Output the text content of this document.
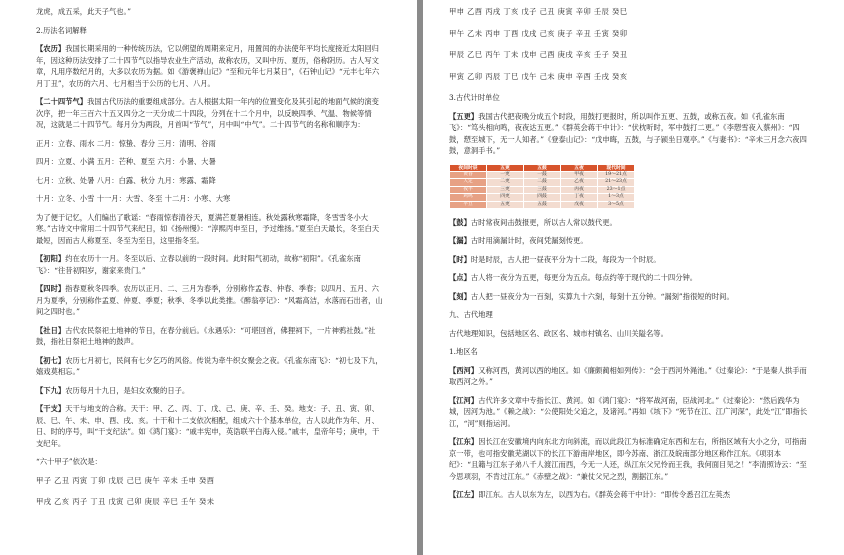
龙虎，成五采，此天子气也。”

2.历法名词解释

【农历】我国长期采用的一种传统历法，它以朔望的周期来定月，用置闰的办法使年平均长度接近太阳回归年，因这种历法安排了二十四节气以指导农业生产活动，故称农历，又叫中历、夏历，俗称阴历。古人写文章，凡用序数纪月的，大多以农历为据。如《游褒禅山记》“至和元年七月某日”，《石钟山记》“元丰七年六月丁丑”，农历的六月、七月相当于公历的七月、八月。

【二十四节气】我国古代历法的重要组成部分。古人根据太阳一年内的位置变化及其引起的地面气候的演变次序，把一年三百六十五又四分之一天分成二十四段，分列在十二个月中，以反映四季、气温、物候等情况，这就是二十四节气。每月分为两段，月首叫“节气”，月中叫“中气”。二十四节气的名称和顺序为：

正月：立春、雨水 二月：惊蛰、春分 三月：清明、谷雨

四月：立夏、小满 五月：芒种、夏至 六月：小暑、大暑

七月：立秋、处暑 八月：白露、秋分 九月：寒露、霜降

十月：立冬、小雪 十一月：大雪、冬至 十二月：小寒、大寒

为了便于记忆，人们编出了歌谣：“春雨惊春清谷天，夏满芒夏暑相连。秋处露秋寒霜降，冬雪雪冬小大寒。”古诗文中常用二十四节气来纪日，如《扬州慢》：“淳熙丙申至日，予过维扬。”夏至白天最长，冬至白天最短，因而古人称夏至、冬至为至日，这里指冬至。

【初阳】约在农历十一月。冬至以后、立春以前的一段时间。此时阳气初动，故称“初阳”。《孔雀东南飞》：“往昔初阳岁，谢家来贵门。”

【四时】指春夏秋冬四季。农历以正月、二、三月为春季，分别称作孟春、仲春、季春；以四月、五月、六月为夏季，分别称作孟夏、仲夏、季夏；秋季、冬季以此类推。《醉翁亭记》：“风霜高洁，水落而石出者，山间之四时也。”

【社日】古代农民祭祀土地神的节日，在春分前后。《永遇乐》：“可堪回首，佛狸祠下，一片神鸦社鼓。”社鼓，指社日祭祀土地神的鼓声。

【初七】农历七月初七，民间有七夕乞巧的风俗。传说为牵牛织女聚会之夜。《孔雀东南飞》：“初七及下九，嬉戏莫相忘。”

【下九】农历每月十九日，是妇女欢聚的日子。

【干支】天干与地支的合称。天干：甲、乙、丙、丁、戊、己、庚、辛、壬、癸。地支：子、丑、寅、卯、辰、巳、午、未、申、酉、戌、亥。十干和十二支依次相配，组成六十个基本单位，古人以此作为年、月、日、时的序号，叫“干支纪法”。如《鸿门宴》：“戚丰宪申，英诰联平白海入侵。”戚丰，皇帝年号；庚申，干支纪年。

“六十甲子”依次是：

甲子 乙丑 丙寅 丁卯 戊辰 己巳 庚午 辛未 壬申 癸酉

甲戌 乙亥 丙子 丁丑 戊寅 己卯 庚辰 辛巳 壬午 癸未

甲申 乙酉 丙戌 丁亥 戊子 己丑 庚寅 辛卯 壬辰 癸巳

甲午 乙未 丙申 丁酉 戊戌 己亥 庚子 辛丑 壬寅 癸卯

甲辰 乙巳 丙午 丁未 戊申 己酉 庚戌 辛亥 壬子 癸丑

甲寅 乙卯 丙辰 丁巳 戊午 己未 庚申 辛酉 壬戌 癸亥

3.古代计时单位

【五更】我国古代把夜晚分成五个时段，用鼓打更报时，所以叫作五更、五鼓，或称五夜。如《孔雀东南飞》：“笃头相向鸣，夜夜达五更。”《群英会蒋干中计》：“伏枕听时，军中鼓打二更。”《李愬雪夜入蔡州》：“四鼓，愬至城下，无一人知者。”《登泰山记》：“戊申晦，五鼓，与子颍坐日观亭。”《与妻书》：“辛未三月念六夜四鼓，意洞手书。”

夜间时辰	五更	五鼓	五夜	现代时间
黄昏	一更	一鼓	甲夜	19～21点
人定	二更	二鼓	乙夜	21～23点
夜半	三更	三鼓	丙夜	23～1点
鸡鸣	四更	四鼓	丁夜	1～3点
平旦	五更	五鼓	戊夜	3～5点

【鼓】古时常夜间击鼓报更，所以古人常以鼓代更。

【漏】古时用滴漏计时，夜间凭漏刻传更。

【时】时是时辰，古人把一昼夜平分为十二段，每段为一个时辰。

【点】古人将一夜分为五更，每更分为五点。每点约等于现代的二十四分钟。

【刻】古人把一昼夜分为一百刻，实算九十六刻，每刻十五分钟。“漏刻”指很短的时间。

九、古代地理

古代地理知识，包括地区名、政区名、城市村镇名、山川关隘名等。

1.地区名

【西河】又称河西，黄河以西的地区。如《廉颇蔺相如列传》：“会于西河外渑池。”《过秦论》：“于是秦人拱手而取西河之外。”

【江河】古代许多文章中专指长江、黄河。如《鸿门宴》：“将军战河南，臣战河北。”《过秦论》：“然后践华为城，因河为池。”《赖之战》：“公使阳处父追之，及诸河。”再如《垓下》“死节在江、江广河深”，此处“江”即指长江，“河”则指运河。

【江东】因长江在安徽境内向东北方向斜流，而以此段江为标准确定东西和左右，所指区域有大小之分，可指南京一带，也可指安徽芜湖以下的长江下游南岸地区，即今苏南、浙江及皖南部分地区称作江东。《项羽本纪》：“且籍与江东子弟八千人渡江而西，今无一人还，纵江东父兄怜而王我，我何面目见之！”李清照诗云：“至今思项羽，不肯过江东。”《赤壁之战》：“兼仗父兄之烈，割据江东。”

【江左】即江东。古人以东为左，以西为右。《群英会蒋干中计》：“即传令悉召江左英杰
